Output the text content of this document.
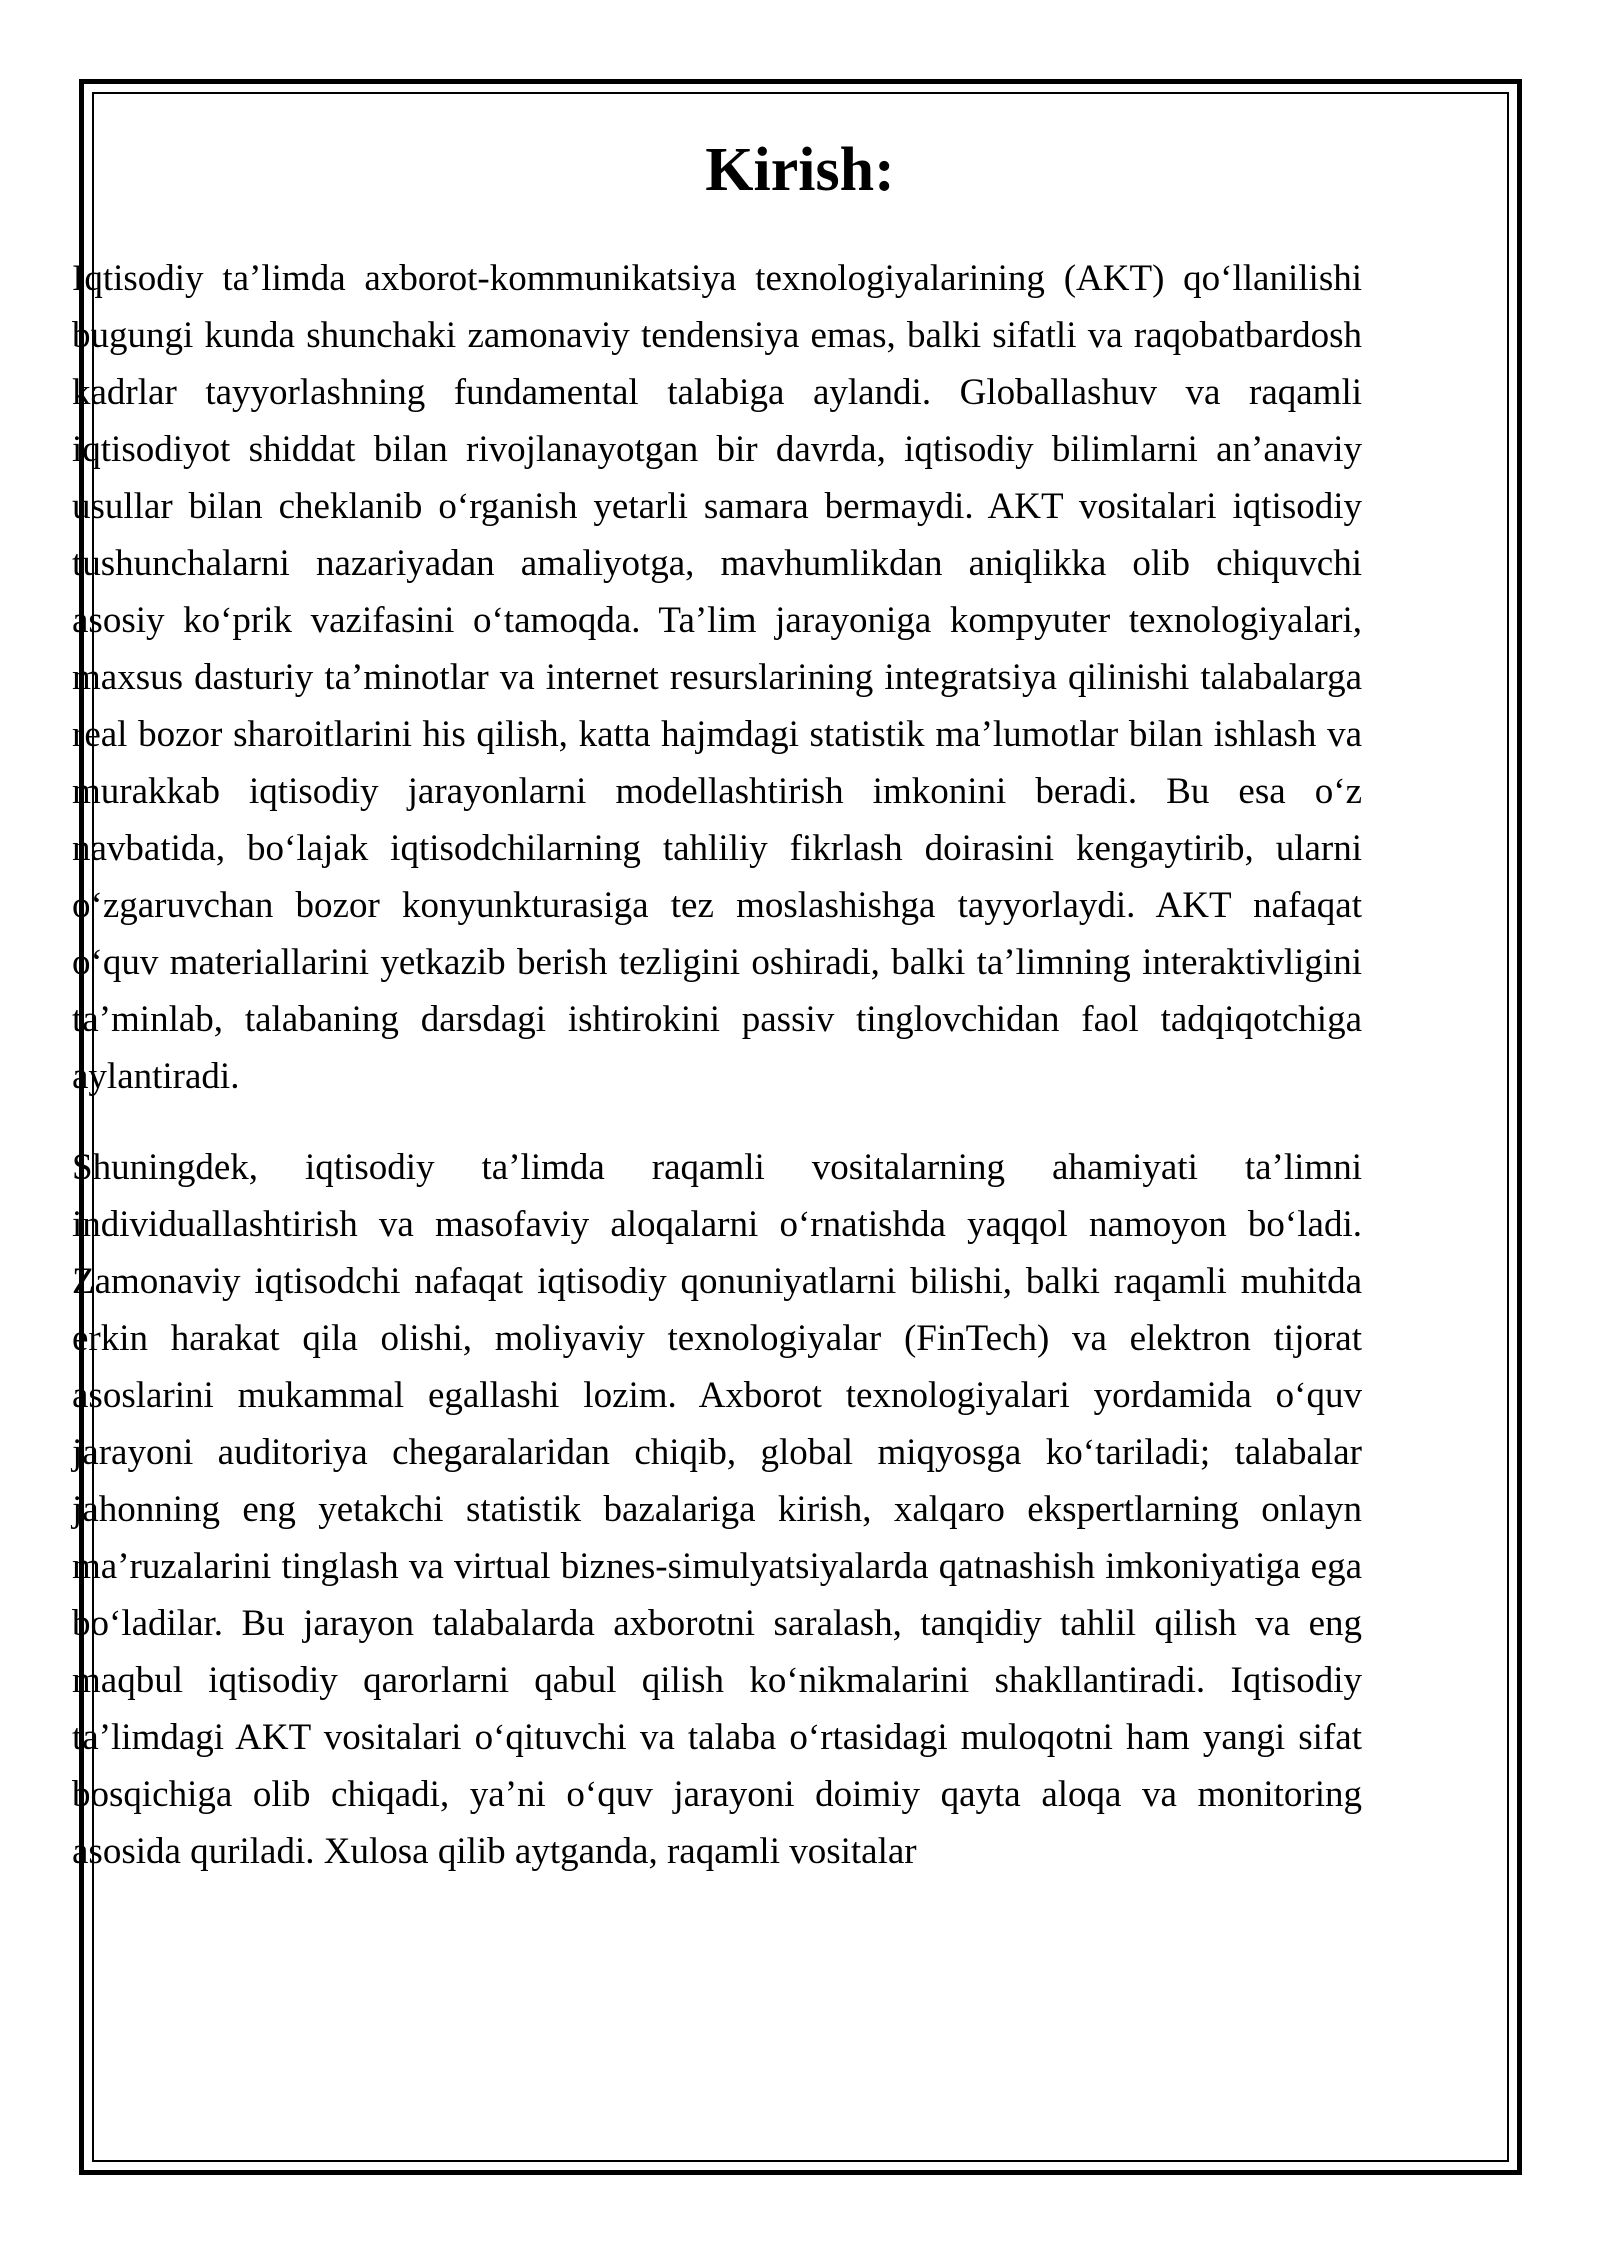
Kirish:

Iqtisodiy ta’limda axborot-kommunikatsiya texnologiyalarining (AKT) qo‘llanilishi bugungi kunda shunchaki zamonaviy tendensiya emas, balki sifatli va raqobatbardosh kadrlar tayyorlashning fundamental talabiga aylandi. Globallashuv va raqamli iqtisodiyot shiddat bilan rivojlanayotgan bir davrda, iqtisodiy bilimlarni an’anaviy usullar bilan cheklanib o‘rganish yetarli samara bermaydi. AKT vositalari iqtisodiy tushunchalarni nazariyadan amaliyotga, mavhumlikdan aniqlikka olib chiquvchi asosiy ko‘prik vazifasini o‘tamoqda. Ta’lim jarayoniga kompyuter texnologiyalari, maxsus dasturiy ta’minotlar va internet resurslarining integratsiya qilinishi talabalarga real bozor sharoitlarini his qilish, katta hajmdagi statistik ma’lumotlar bilan ishlash va murakkab iqtisodiy jarayonlarni modellashtirish imkonini beradi. Bu esa o‘z navbatida, bo‘lajak iqtisodchilarning tahliliy fikrlash doirasini kengaytirib, ularni o‘zgaruvchan bozor konyunkturasiga tez moslashishga tayyorlaydi. AKT nafaqat o‘quv materiallarini yetkazib berish tezligini oshiradi, balki ta’limning interaktivligini ta’minlab, talabaning darsdagi ishtirokini passiv tinglovchidan faol tadqiqotchiga aylantiradi.

Shuningdek, iqtisodiy ta’limda raqamli vositalarning ahamiyati ta’limni individuallashtirish va masofaviy aloqalarni o‘rnatishda yaqqol namoyon bo‘ladi. Zamonaviy iqtisodchi nafaqat iqtisodiy qonuniyatlarni bilishi, balki raqamli muhitda erkin harakat qila olishi, moliyaviy texnologiyalar (FinTech) va elektron tijorat asoslarini mukammal egallashi lozim. Axborot texnologiyalari yordamida o‘quv jarayoni auditoriya chegaralaridan chiqib, global miqyosga ko‘tariladi; talabalar jahonning eng yetakchi statistik bazalariga kirish, xalqaro ekspertlarning onlayn ma’ruzalarini tinglash va virtual biznes-simulyatsiyalarda qatnashish imkoniyatiga ega bo‘ladilar. Bu jarayon talabalarda axborotni saralash, tanqidiy tahlil qilish va eng maqbul iqtisodiy qarorlarni qabul qilish ko‘nikmalarini shakllantiradi. Iqtisodiy ta’limdagi AKT vositalari o‘qituvchi va talaba o‘rtasidagi muloqotni ham yangi sifat bosqichiga olib chiqadi, ya’ni o‘quv jarayoni doimiy qayta aloqa va monitoring asosida quriladi. Xulosa qilib aytganda, raqamli vositalar
